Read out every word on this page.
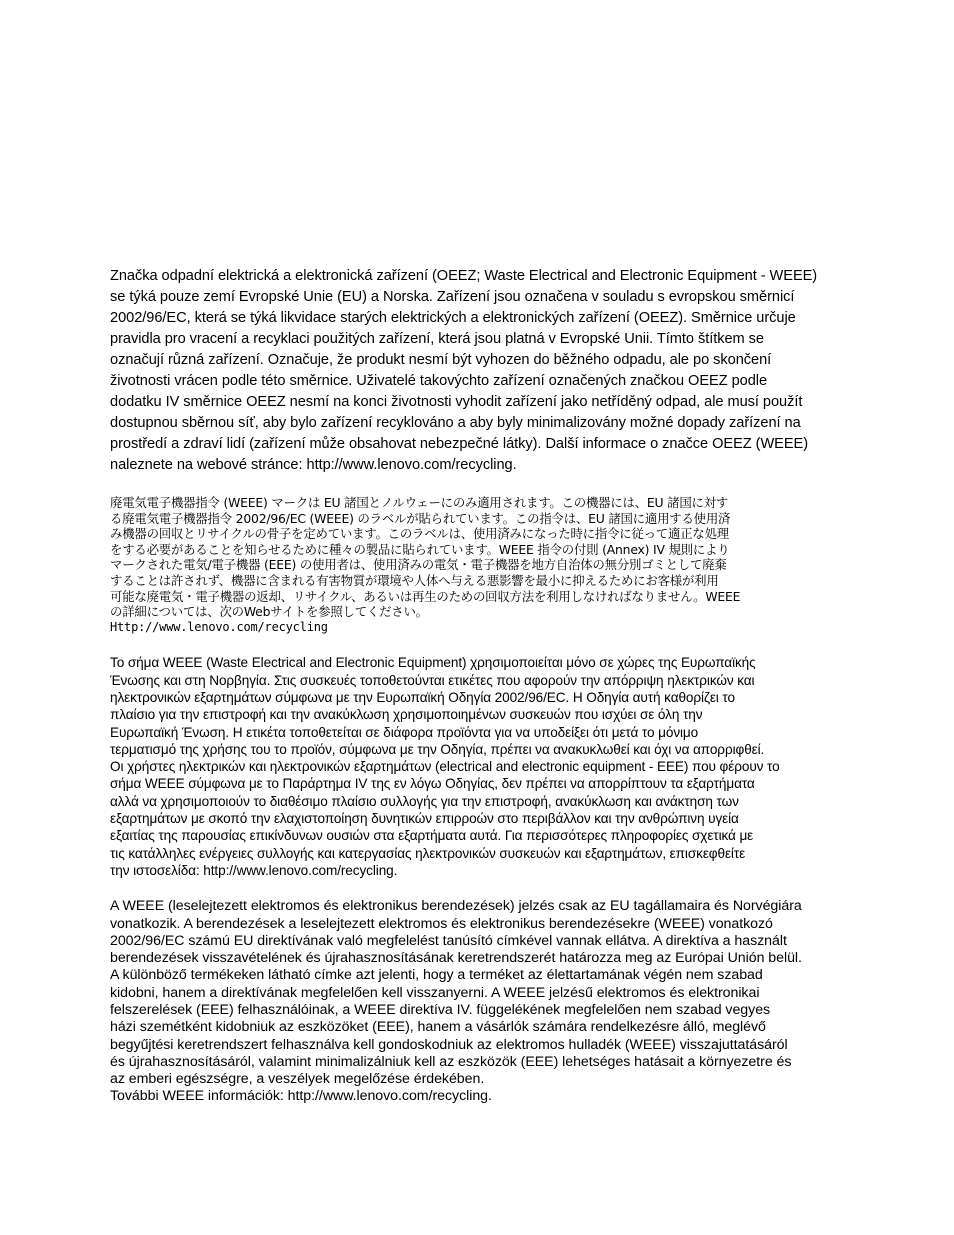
Značka odpadní elektrická a elektronická zařízení (OEEZ; Waste Electrical and Electronic Equipment - WEEE)
se týká pouze zemí Evropské Unie (EU) a Norska. Zařízení jsou označena v souladu s evropskou směrnicí
2002/96/EC, která se týká likvidace starých elektrických a elektronických zařízení (OEEZ). Směrnice určuje
pravidla pro vracení a recyklaci použitých zařízení, která jsou platná v Evropské Unii. Tímto štítkem se
označují různá zařízení. Označuje, že produkt nesmí být vyhozen do běžného odpadu, ale po skončení
životnosti vrácen podle této směrnice. Uživatelé takovýchto zařízení označených značkou OEEZ podle
dodatku IV směrnice OEEZ nesmí na konci životnosti vyhodit zařízení jako netříděný odpad, ale musí použít
dostupnou sběrnou síť, aby bylo zařízení recyklováno a aby byly minimalizovány možné dopady zařízení na
prostředí a zdraví lidí (zařízení může obsahovat nebezpečné látky). Další informace o značce OEEZ (WEEE)
naleznete na webové stránce: http://www.lenovo.com/recycling.

廃電気電子機器指令 (WEEE) マークは EU 諸国とノルウェーにのみ適用されます。この機器には、EU 諸国に対す
る廃電気電子機器指令 2002/96/EC (WEEE) のラベルが貼られています。この指令は、EU 諸国に適用する使用済
み機器の回収とリサイクルの骨子を定めています。このラベルは、使用済みになった時に指令に従って適正な処理
をする必要があることを知らせるために種々の製品に貼られています。WEEE 指令の付則 (Annex) IV 規則により
マークされた電気/電子機器 (EEE) の使用者は、使用済みの電気・電子機器を地方自治体の無分別ゴミとして廃棄
することは許されず、機器に含まれる有害物質が環境や人体へ与える悪影響を最小に抑えるためにお客様が利用
可能な廃電気・電子機器の返却、リサイクル、あるいは再生のための回収方法を利用しなければなりません。WEEE
の詳細については、次のWebサイトを参照してください。
Http://www.lenovo.com/recycling

Το σήμα WEEE (Waste Electrical and Electronic Equipment) χρησιμοποιείται μόνο σε χώρες της Ευρωπαϊκής
Ένωσης και στη Νορβηγία. Στις συσκευές τοποθετούνται ετικέτες που αφορούν την απόρριψη ηλεκτρικών και
ηλεκτρονικών εξαρτημάτων σύμφωνα με την Ευρωπαϊκή Οδηγία 2002/96/EC. Η Οδηγία αυτή καθορίζει το
πλαίσιο για την επιστροφή και την ανακύκλωση χρησιμοποιημένων συσκευών που ισχύει σε όλη την
Ευρωπαϊκή Ένωση. Η ετικέτα τοποθετείται σε διάφορα προϊόντα για να υποδείξει ότι μετά το μόνιμο
τερματισμό της χρήσης του το προϊόν, σύμφωνα με την Οδηγία, πρέπει να ανακυκλωθεί και όχι να απορριφθεί.
Οι χρήστες ηλεκτρικών και ηλεκτρονικών εξαρτημάτων (electrical and electronic equipment - EEE) που φέρουν το
σήμα WEEE σύμφωνα με το Παράρτημα IV της εν λόγω Οδηγίας, δεν πρέπει να απορρίπτουν τα εξαρτήματα
αλλά να χρησιμοποιούν το διαθέσιμο πλαίσιο συλλογής για την επιστροφή, ανακύκλωση και ανάκτηση των
εξαρτημάτων με σκοπό την ελαχιστοποίηση δυνητικών επιρροών στο περιβάλλον και την ανθρώπινη υγεία
εξαιτίας της παρουσίας επικίνδυνων ουσιών στα εξαρτήματα αυτά. Για περισσότερες πληροφορίες σχετικά με
τις κατάλληλες ενέργειες συλλογής και κατεργασίας ηλεκτρονικών συσκευών και εξαρτημάτων, επισκεφθείτε
την ιστοσελίδα: http://www.lenovo.com/recycling.

A WEEE (leselejtezett elektromos és elektronikus berendezések) jelzés csak az EU tagállamaira és Norvégiára
vonatkozik. A berendezések a leselejtezett elektromos és elektronikus berendezésekre (WEEE) vonatkozó
2002/96/EC számú EU direktívának való megfelelést tanúsító címkével vannak ellátva. A direktíva a használt
berendezések visszavételének és újrahasznosításának keretrendszerét határozza meg az Európai Unión belül.
A különböző termékeken látható címke azt jelenti, hogy a terméket az élettartamának végén nem szabad
kidobni, hanem a direktívának megfelelően kell visszanyerni. A WEEE jelzésű elektromos és elektronikai
felszerelések (EEE) felhasználóinak, a WEEE direktíva IV. függelékének megfelelően nem szabad vegyes
házi szemétként kidobniuk az eszközöket (EEE), hanem a vásárlók számára rendelkezésre álló, meglévő
begyűjtési keretrendszert felhasználva kell gondoskodniuk az elektromos hulladék (WEEE) visszajuttatásáról
és újrahasznosításáról, valamint minimalizálniuk kell az eszközök (EEE) lehetséges hatásait a környezetre és
az emberi egészségre, a veszélyek megelőzése érdekében.
További WEEE információk: http://www.lenovo.com/recycling.
